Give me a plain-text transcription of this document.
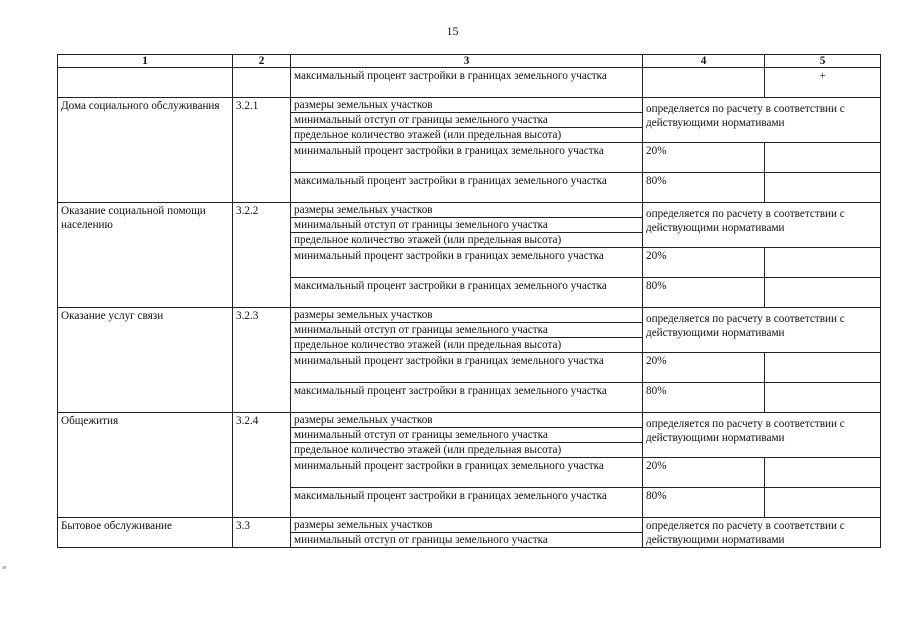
15
1	2	3	4	5
		максимальный процент застройки в границах земельного участка		+
Дома социального обслуживания	3.2.1	размеры земельных участков
минимальный отступ от границы земельного участка
предельное количество этажей (или предельная высота)	определяется по расчету в соответствии с действующими нормативами	
		минимальный процент застройки в границах земельного участка	20%	
		максимальный процент застройки в границах земельного участка	80%	
Оказание социальной помощи населению	3.2.2	размеры земельных участков
минимальный отступ от границы земельного участка
предельное количество этажей (или предельная высота)	определяется по расчету в соответствии с действующими нормативами	
		минимальный процент застройки в границах земельного участка	20%	
		максимальный процент застройки в границах земельного участка	80%	
Оказание услуг связи	3.2.3	размеры земельных участков
минимальный отступ от границы земельного участка
предельное количество этажей (или предельная высота)	определяется по расчету в соответствии с действующими нормативами	
		минимальный процент застройки в границах земельного участка	20%	
		максимальный процент застройки в границах земельного участка	80%	
Общежития	3.2.4	размеры земельных участков
минимальный отступ от границы земельного участка
предельное количество этажей (или предельная высота)	определяется по расчету в соответствии с действующими нормативами	
		минимальный процент застройки в границах земельного участка	20%	
		максимальный процент застройки в границах земельного участка	80%	
Бытовое обслуживание	3.3	размеры земельных участков
минимальный отступ от границы земельного участка	определяется по расчету в соответствии с действующими нормативами	
≡
